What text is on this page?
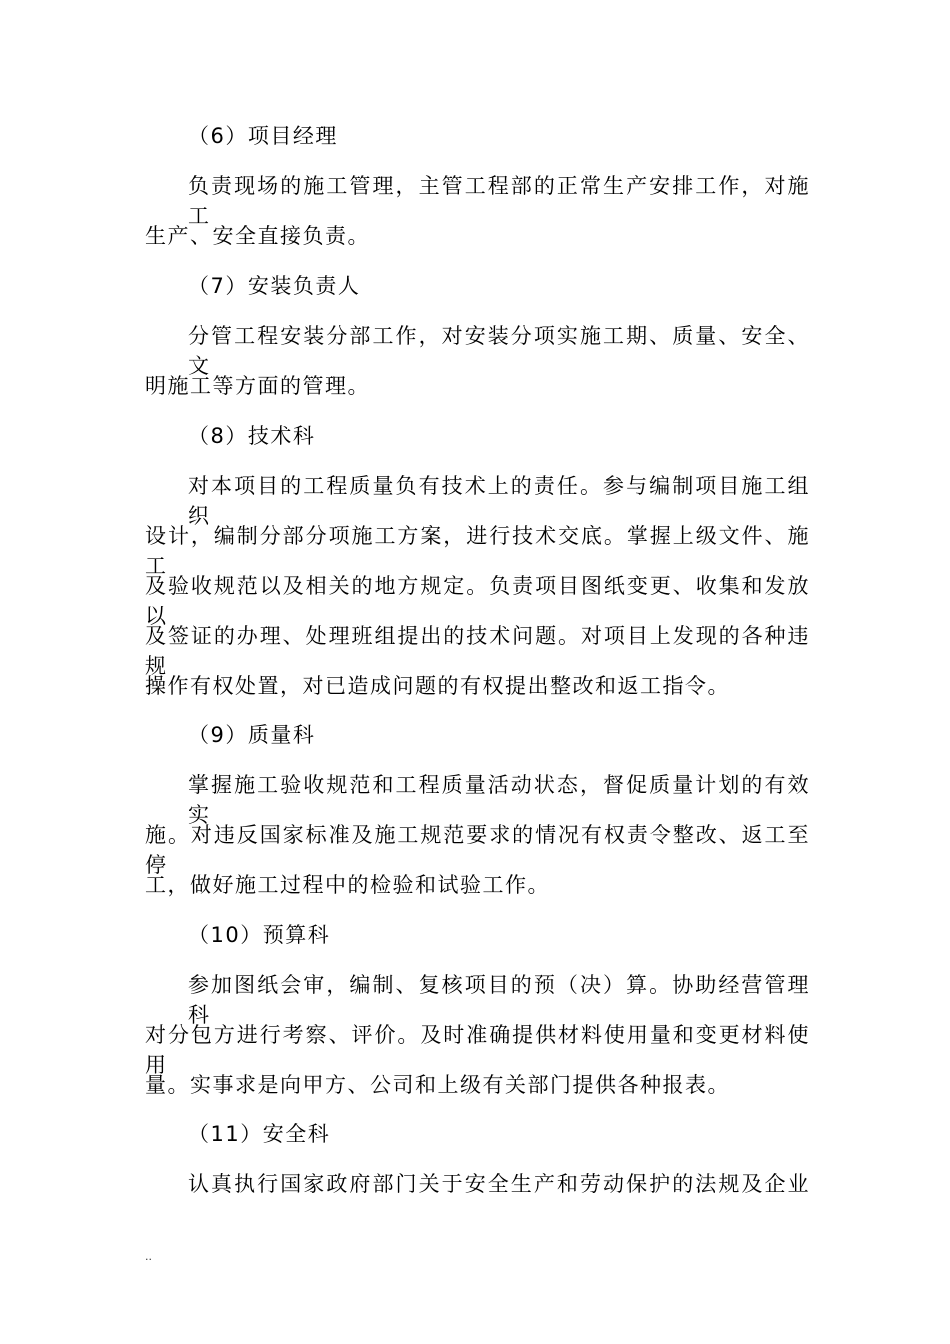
（6）项目经理
负责现场的施工管理，主管工程部的正常生产安排工作，对施工
生产、安全直接负责。
（7）安装负责人
分管工程安装分部工作，对安装分项实施工期、质量、安全、文
明施工等方面的管理。
（8）技术科
对本项目的工程质量负有技术上的责任。参与编制项目施工组织
设计，编制分部分项施工方案，进行技术交底。掌握上级文件、施工
及验收规范以及相关的地方规定。负责项目图纸变更、收集和发放以
及签证的办理、处理班组提出的技术问题。对项目上发现的各种违规
操作有权处置，对已造成问题的有权提出整改和返工指令。
（9）质量科
掌握施工验收规范和工程质量活动状态，督促质量计划的有效实
施。对违反国家标准及施工规范要求的情况有权责令整改、返工至停
工，做好施工过程中的检验和试验工作。
（10）预算科
参加图纸会审，编制、复核项目的预（决）算。协助经营管理科
对分包方进行考察、评价。及时准确提供材料使用量和变更材料使用
量。实事求是向甲方、公司和上级有关部门提供各种报表。
（11）安全科
认真执行国家政府部门关于安全生产和劳动保护的法规及企业
..
